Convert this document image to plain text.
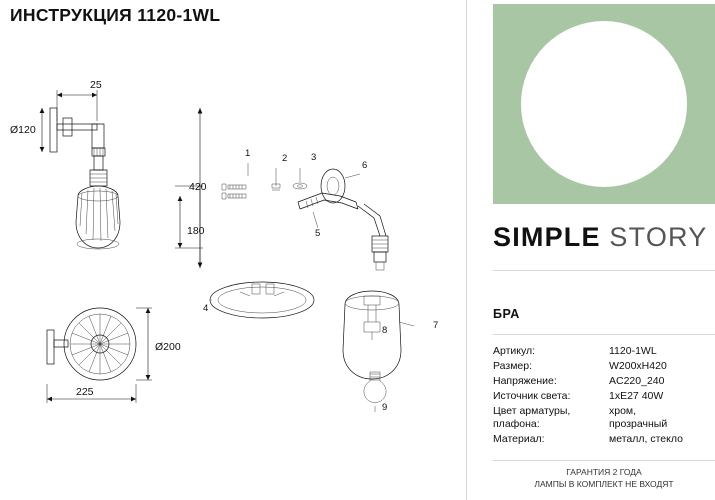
ИНСТРУКЦИЯ 1120-1WL
25
Ø120
420
180
Ø200
225
1	2 3
4
5
6
7
8
9
SIMPLE STORY
БРА
Артикул:	1120-1WL
Размер:	W200xH420
Напряжение:	AC220_240
Источник света:	1xE27 40W
Цвет арматуры, плафона:
хром,
прозрачный
Материал:	металл, стекло
ГАРАНТИЯ 2 ГОДА
ЛАМПЫ В КОМПЛЕКТ НЕ ВХОДЯТ
